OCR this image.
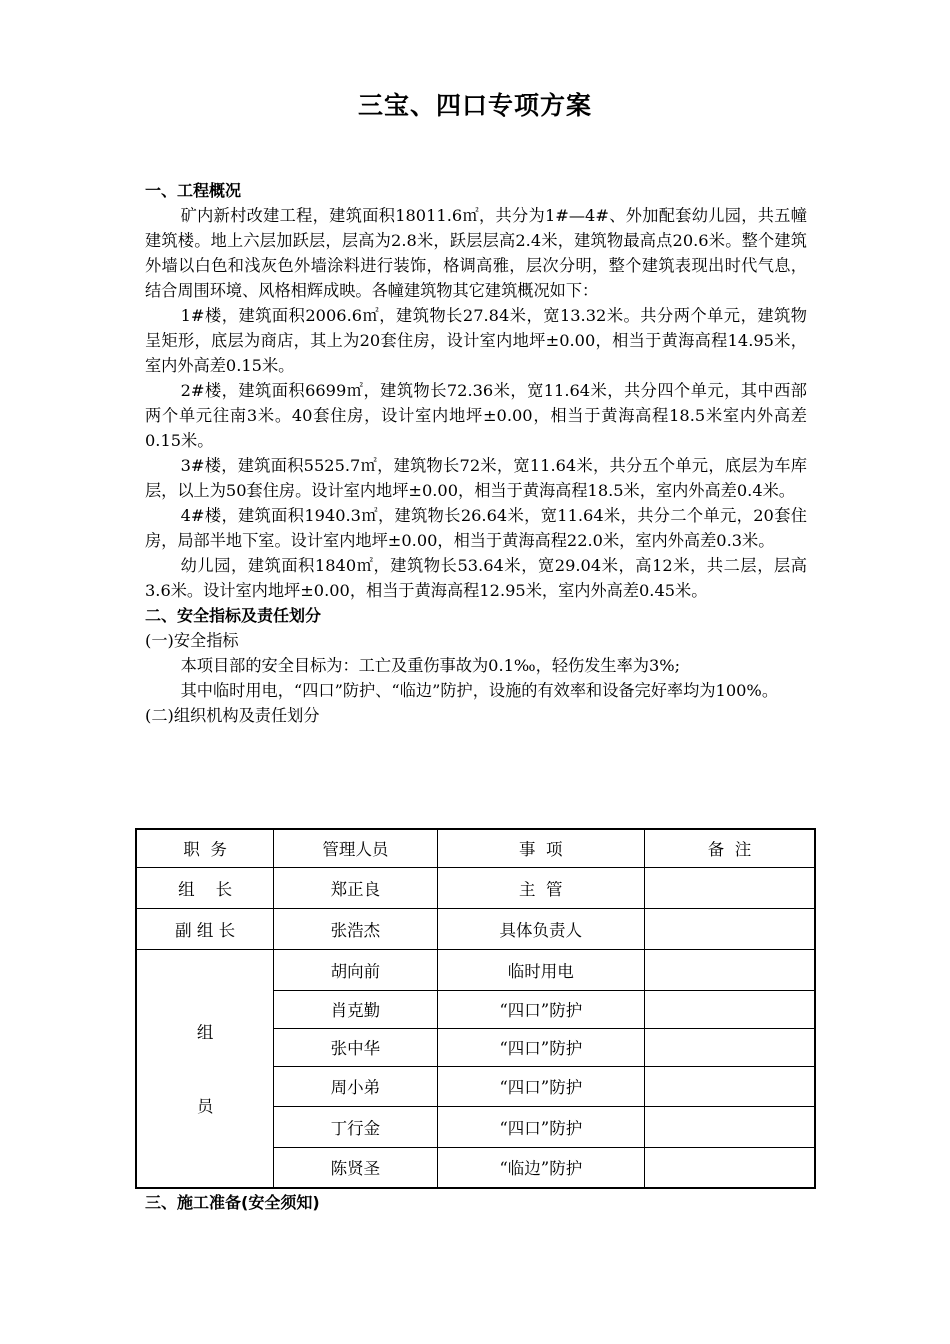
三宝、四口专项方案
一、工程概况

矿内新村改建工程，建筑面积18011.6㎡，共分为1#—4#、外加配套幼儿园，共五幢建筑楼。地上六层加跃层，层高为2.8米，跃层层高2.4米，建筑物最高点20.6米。整个建筑外墙以白色和浅灰色外墙涂料进行装饰，格调高雅，层次分明，整个建筑表现出时代气息，结合周围环境、风格相辉成映。各幢建筑物其它建筑概况如下：

1#楼，建筑面积2006.6㎡，建筑物长27.84米，宽13.32米。共分两个单元，建筑物呈矩形，底层为商店，其上为20套住房，设计室内地坪±0.00，相当于黄海高程14.95米， 室内外高差0.15米。

2#楼，建筑面积6699㎡，建筑物长72.36米，宽11.64米，共分四个单元，其中西部两个单元往南3米。40套住房，设计室内地坪±0.00，相当于黄海高程18.5米室内外高差0.15米。

3#楼，建筑面积5525.7㎡，建筑物长72米，宽11.64米，共分五个单元，底层为车库层，以上为50套住房。设计室内地坪±0.00，相当于黄海高程18.5米，室内外高差0.4米。

4#楼，建筑面积1940.3㎡，建筑物长26.64米，宽11.64米，共分二个单元，20套住房，局部半地下室。设计室内地坪±0.00，相当于黄海高程22.0米，室内外高差0.3米。

幼儿园，建筑面积1840㎡，建筑物长53.64米，宽29.04米，高12米，共二层，层高3.6米。设计室内地坪±0.00，相当于黄海高程12.95米，室内外高差0.45米。

二、安全指标及责任划分

(一)安全指标

本项目部的安全目标为：工亡及重伤事故为0.1‰，轻伤发生率为3%;

其中临时用电，“四口”防护、“临边”防护，设施的有效率和设备完好率均为100%。

(二)组织机构及责任划分

职  务	管理人员	事  项	备  注
组    长	郑正良	主  管	
副 组 长	张浩杰	具体负责人	

组
员	胡向前	临时用电	
	肖克勤	“四口”防护	
	张中华	“四口”防护	
	周小弟	“四口”防护	
	丁行金	“四口”防护	
	陈贤圣	“临边”防护	
三、施工准备(安全须知)
